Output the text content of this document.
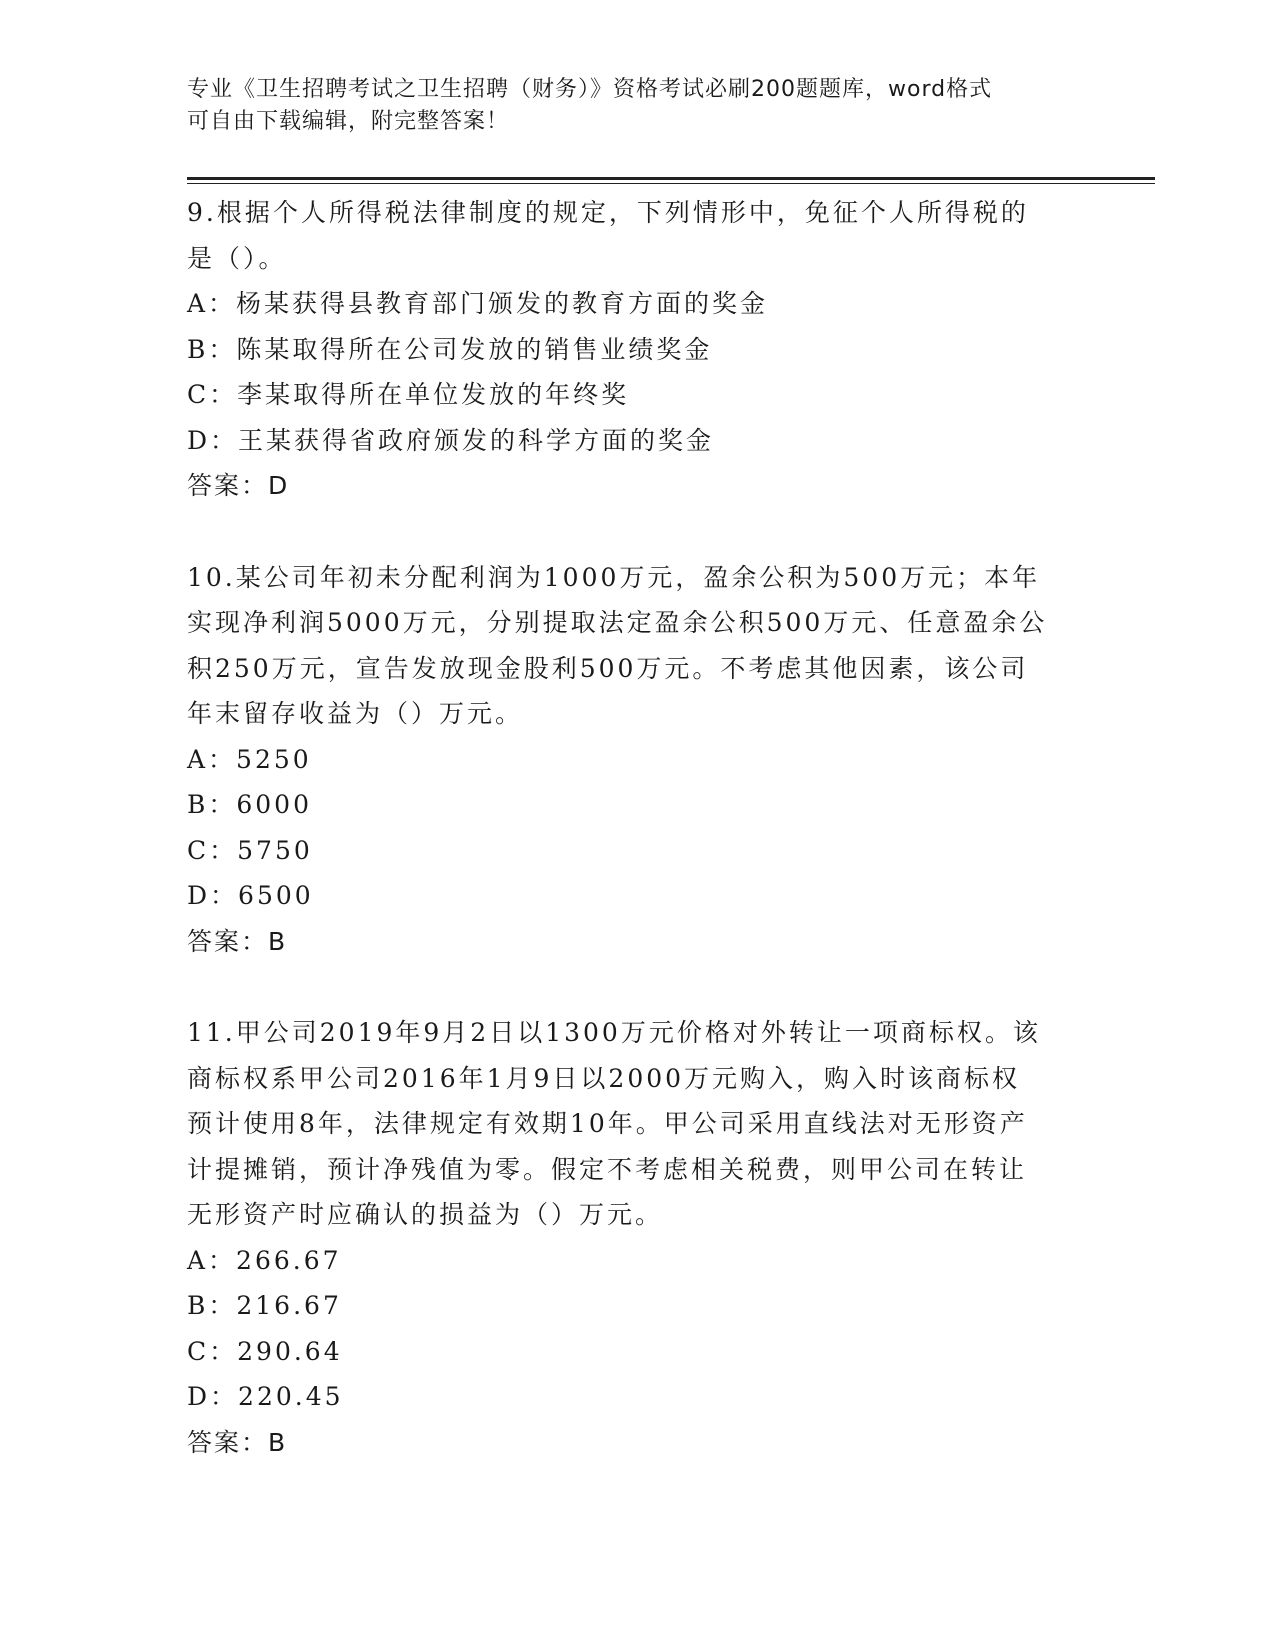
专业《卫生招聘考试之卫生招聘（财务）》资格考试必刷200题题库，word格式
可自由下载编辑，附完整答案！

9.根据个人所得税法律制度的规定，下列情形中，免征个人所得税的

是（）。

A：杨某获得县教育部门颁发的教育方面的奖金

B：陈某取得所在公司发放的销售业绩奖金

C：李某取得所在单位发放的年终奖

D：王某获得省政府颁发的科学方面的奖金

答案：D

10.某公司年初未分配利润为1000万元，盈余公积为500万元；本年

实现净利润5000万元，分别提取法定盈余公积500万元、任意盈余公

积250万元，宣告发放现金股利500万元。不考虑其他因素，该公司

年末留存收益为（）万元。

A：5250

B：6000

C：5750

D：6500

答案：B

11.甲公司2019年9月2日以1300万元价格对外转让一项商标权。该

商标权系甲公司2016年1月9日以2000万元购入，购入时该商标权

预计使用8年，法律规定有效期10年。甲公司采用直线法对无形资产

计提摊销，预计净残值为零。假定不考虑相关税费，则甲公司在转让

无形资产时应确认的损益为（）万元。

A：266.67

B：216.67

C：290.64

D：220.45

答案：B
